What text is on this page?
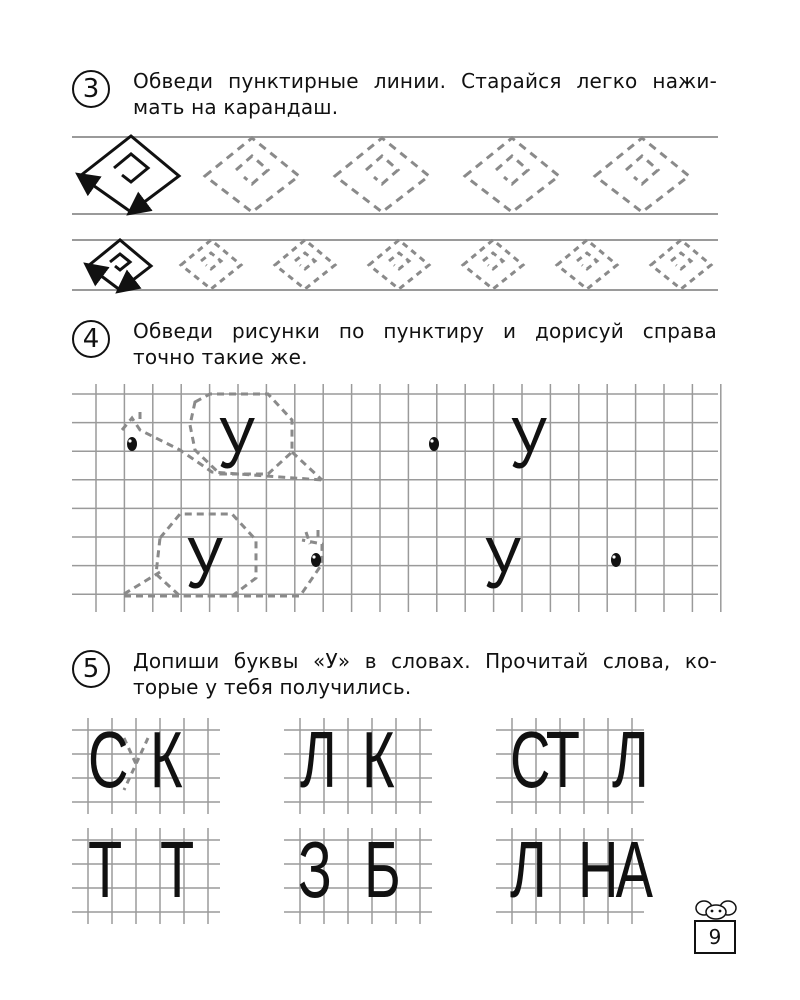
3	Обведи пунктирные линии. Старайся легко нажи-
мать на карандаш.
У	У
У	У
4	Обведи рисунки по пунктиру и дорисуй справа
точно такие же.
5	Допиши буквы «У» в словах. Прочитай слова, ко-
торые у тебя получились.
С К Л К СТ Л
Т Т З Б Л НА
9
